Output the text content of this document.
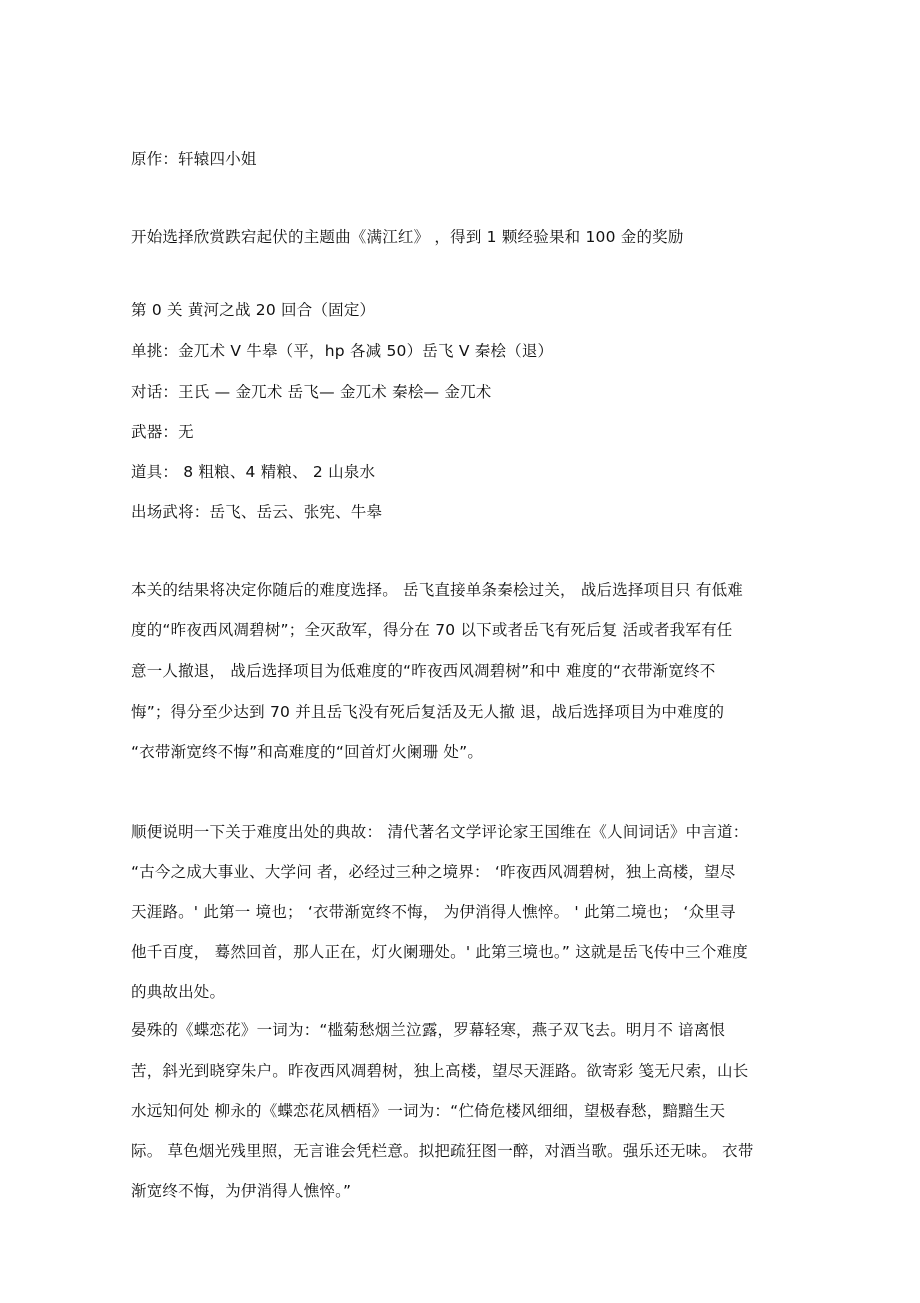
原作：轩辕四小姐
开始选择欣赏跌宕起伏的主题曲《满江红》 ，得到 1 颗经验果和 100 金的奖励
第 0 关 黄河之战 20 回合（固定）
单挑：金兀术 V 牛皋（平，hp 各减 50）岳飞 V 秦桧（退）
对话：王氏 — 金兀术 岳飞— 金兀术 秦桧— 金兀术
武器：无
道具： 8 粗粮、4 精粮、 2 山泉水
出场武将：岳飞、岳云、张宪、牛皋
本关的结果将决定你随后的难度选择。 岳飞直接单条秦桧过关， 战后选择项目只 有低难
度的“昨夜西风凋碧树”；全灭敌军，得分在 70 以下或者岳飞有死后复 活或者我军有任
意一人撤退， 战后选择项目为低难度的“昨夜西风凋碧树”和中 难度的“衣带渐宽终不
悔”；得分至少达到 70 并且岳飞没有死后复活及无人撤 退，战后选择项目为中难度的
“衣带渐宽终不悔”和高难度的“回首灯火阑珊 处”。
顺便说明一下关于难度出处的典故： 清代著名文学评论家王国维在《人间词话》中言道：
“古今之成大事业、大学问 者，必经过三种之境界： ‘昨夜西风凋碧树，独上高楼，望尽
天涯路。' 此第一 境也； ‘衣带渐宽终不悔， 为伊消得人憔悴。 ' 此第二境也； ‘众里寻
他千百度， 蓦然回首，那人正在，灯火阑珊处。' 此第三境也。” 这就是岳飞传中三个难度
的典故出处。
晏殊的《蝶恋花》一词为：“槛菊愁烟兰泣露，罗幕轻寒，燕子双飞去。明月不 谙离恨
苦，斜光到晓穿朱户。昨夜西风凋碧树，独上高楼，望尽天涯路。欲寄彩 笺无尺索，山长
水远知何处 柳永的《蝶恋花凤栖梧》一词为：“伫倚危楼风细细，望极春愁，黯黯生天
际。 草色烟光残里照，无言谁会凭栏意。拟把疏狂图一醉，对酒当歌。强乐还无味。 衣带
渐宽终不悔，为伊消得人憔悴。”
